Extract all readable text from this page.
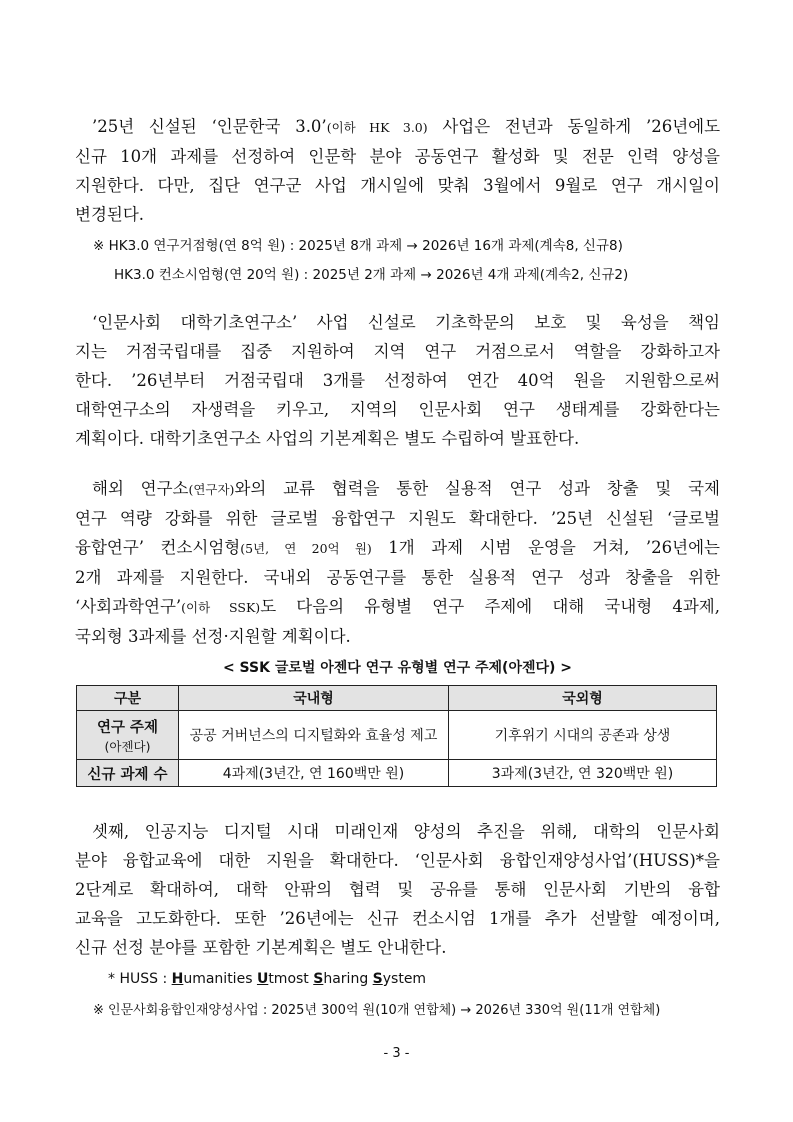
’25년 신설된 ‘인문한국 3.0’(이하 HK 3.0) 사업은 전년과 동일하게 ’26년에도
신규 10개 과제를 선정하여 인문학 분야 공동연구 활성화 및 전문 인력 양성을
지원한다. 다만, 집단 연구군 사업 개시일에 맞춰 3월에서 9월로 연구 개시일이
변경된다.
※ HK3.0 연구거점형(연 8억 원) : 2025년 8개 과제 → 2026년 16개 과제(계속8, 신규8)
HK3.0 컨소시엄형(연 20억 원) : 2025년 2개 과제 → 2026년 4개 과제(계속2, 신규2)
‘인문사회 대학기초연구소’ 사업 신설로 기초학문의 보호 및 육성을 책임
지는 거점국립대를 집중 지원하여 지역 연구 거점으로서 역할을 강화하고자
한다. ’26년부터 거점국립대 3개를 선정하여 연간 40억 원을 지원함으로써
대학연구소의 자생력을 키우고, 지역의 인문사회 연구 생태계를 강화한다는
계획이다. 대학기초연구소 사업의 기본계획은 별도 수립하여 발표한다.
해외 연구소(연구자)와의 교류 협력을 통한 실용적 연구 성과 창출 및 국제
연구 역량 강화를 위한 글로벌 융합연구 지원도 확대한다. ’25년 신설된 ‘글로벌
융합연구’ 컨소시엄형(5년, 연 20억 원) 1개 과제 시범 운영을 거쳐, ’26년에는
2개 과제를 지원한다. 국내외 공동연구를 통한 실용적 연구 성과 창출을 위한
‘사회과학연구’(이하 SSK)도 다음의 유형별 연구 주제에 대해 국내형 4과제,
국외형 3과제를 선정·지원할 계획이다.
< SSK 글로벌 아젠다 연구 유형별 연구 주제(아젠다) >
구분	국내형	국외형

연구 주제
(아젠다)	공공 거버넌스의 디지털화와 효율성 제고	기후위기 시대의 공존과 상생

신규 과제 수	4과제(3년간, 연 160백만 원)	3과제(3년간, 연 320백만 원)
셋째, 인공지능 디지털 시대 미래인재 양성의 추진을 위해, 대학의 인문사회
분야 융합교육에 대한 지원을 확대한다. ‘인문사회 융합인재양성사업’(HUSS)*을
2단계로 확대하여, 대학 안팎의 협력 및 공유를 통해 인문사회 기반의 융합
교육을 고도화한다. 또한 ’26년에는 신규 컨소시엄 1개를 추가 선발할 예정이며,
신규 선정 분야를 포함한 기본계획은 별도 안내한다.
* HUSS : Humanities Utmost Sharing System
※ 인문사회융합인재양성사업 : 2025년 300억 원(10개 연합체) → 2026년 330억 원(11개 연합체)
- 3 -
